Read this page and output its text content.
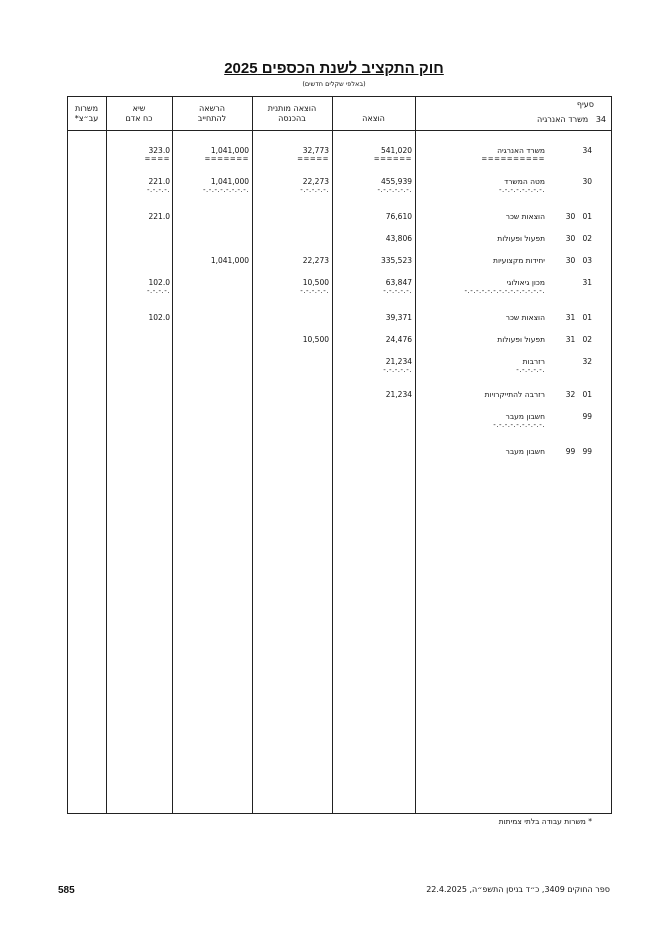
חוק התקציב לשנת הכספים 2025
(באלפי שקלים חדשים)
משרות
עב״צ*
שיא
כח אדם
הרשאה
להתחייב
הוצאה מותנית
בהכנסה	הוצאה
סעיף
34   משרד האנרגיה
34
משרד האנרגיה
==========
541,020
======
32,773
=====
1,041,000
=======
323.0
====
30
מטה המשרד
-.-.-.-.-.-.-.-.
455,939
-.-.-.-.-.-.
22,273
-.-.-.-.-.
1,041,000
-.-.-.-.-.-.-.-.
221.0
-.-.-.-.
01   30
הוצאות שכר
76,610
221.0
02   30
תפעול ופעולות
43,806
03   30
יחידות מקצועיות
335,523
22,273
1,041,000
31
מכון גיאולוגי
-.-.-.-.-.-.-.-.-.-.-.-.-.-.
63,847
-.-.-.-.-.
10,500
-.-.-.-.-.
102.0
-.-.-.-.
01   31
הוצאות שכר
39,371
102.0
02   31
תפעול ופעולות
24,476
10,500
32
רזרבות
-.-.-.-.-.
21,234
-.-.-.-.-.
01   32
רזרבה להתייקרויות
21,234
99
חשבון מעבר
-.-.-.-.-.-.-.-.-.
99   99
חשבון מעבר
* משרות עבודה בלתי צמיתות
ספר החוקים 3409, כ״ד בניסן התשפ״ה, 22.4.2025
585
